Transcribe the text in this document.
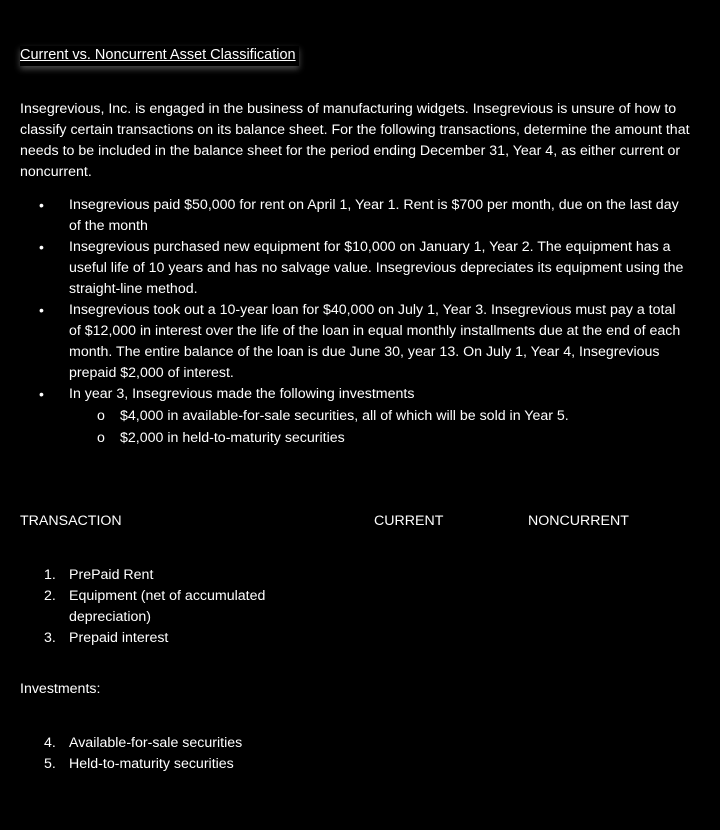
Current vs. Noncurrent Asset Classification
Insegrevious, Inc. is engaged in the business of manufacturing widgets. Insegrevious is unsure of how to classify certain transactions on its balance sheet. For the following transactions, determine the amount that needs to be included in the balance sheet for the period ending December 31, Year 4, as either current or noncurrent.
• Insegrevious paid $50,000 for rent on April 1, Year 1. Rent is $700 per month, due on the last day of the month
• Insegrevious purchased new equipment for $10,000 on January 1, Year 2. The equipment has a useful life of 10 years and has no salvage value. Insegrevious depreciates its equipment using the straight-line method.
• Insegrevious took out a 10-year loan for $40,000 on July 1, Year 3. Insegrevious must pay a total of $12,000 in interest over the life of the loan in equal monthly installments due at the end of each month. The entire balance of the loan is due June 30, year 13. On July 1, Year 4, Insegrevious prepaid $2,000 of interest.
• In year 3, Insegrevious made the following investments
o $4,000 in available-for-sale securities, all of which will be sold in Year 5.
o $2,000 in held-to-maturity securities
TRANSACTION	CURRENT	NONCURRENT
1. PrePaid Rent
2. Equipment (net of accumulated depreciation)
3. Prepaid interest
Investments:
4. Available-for-sale securities
5. Held-to-maturity securities
